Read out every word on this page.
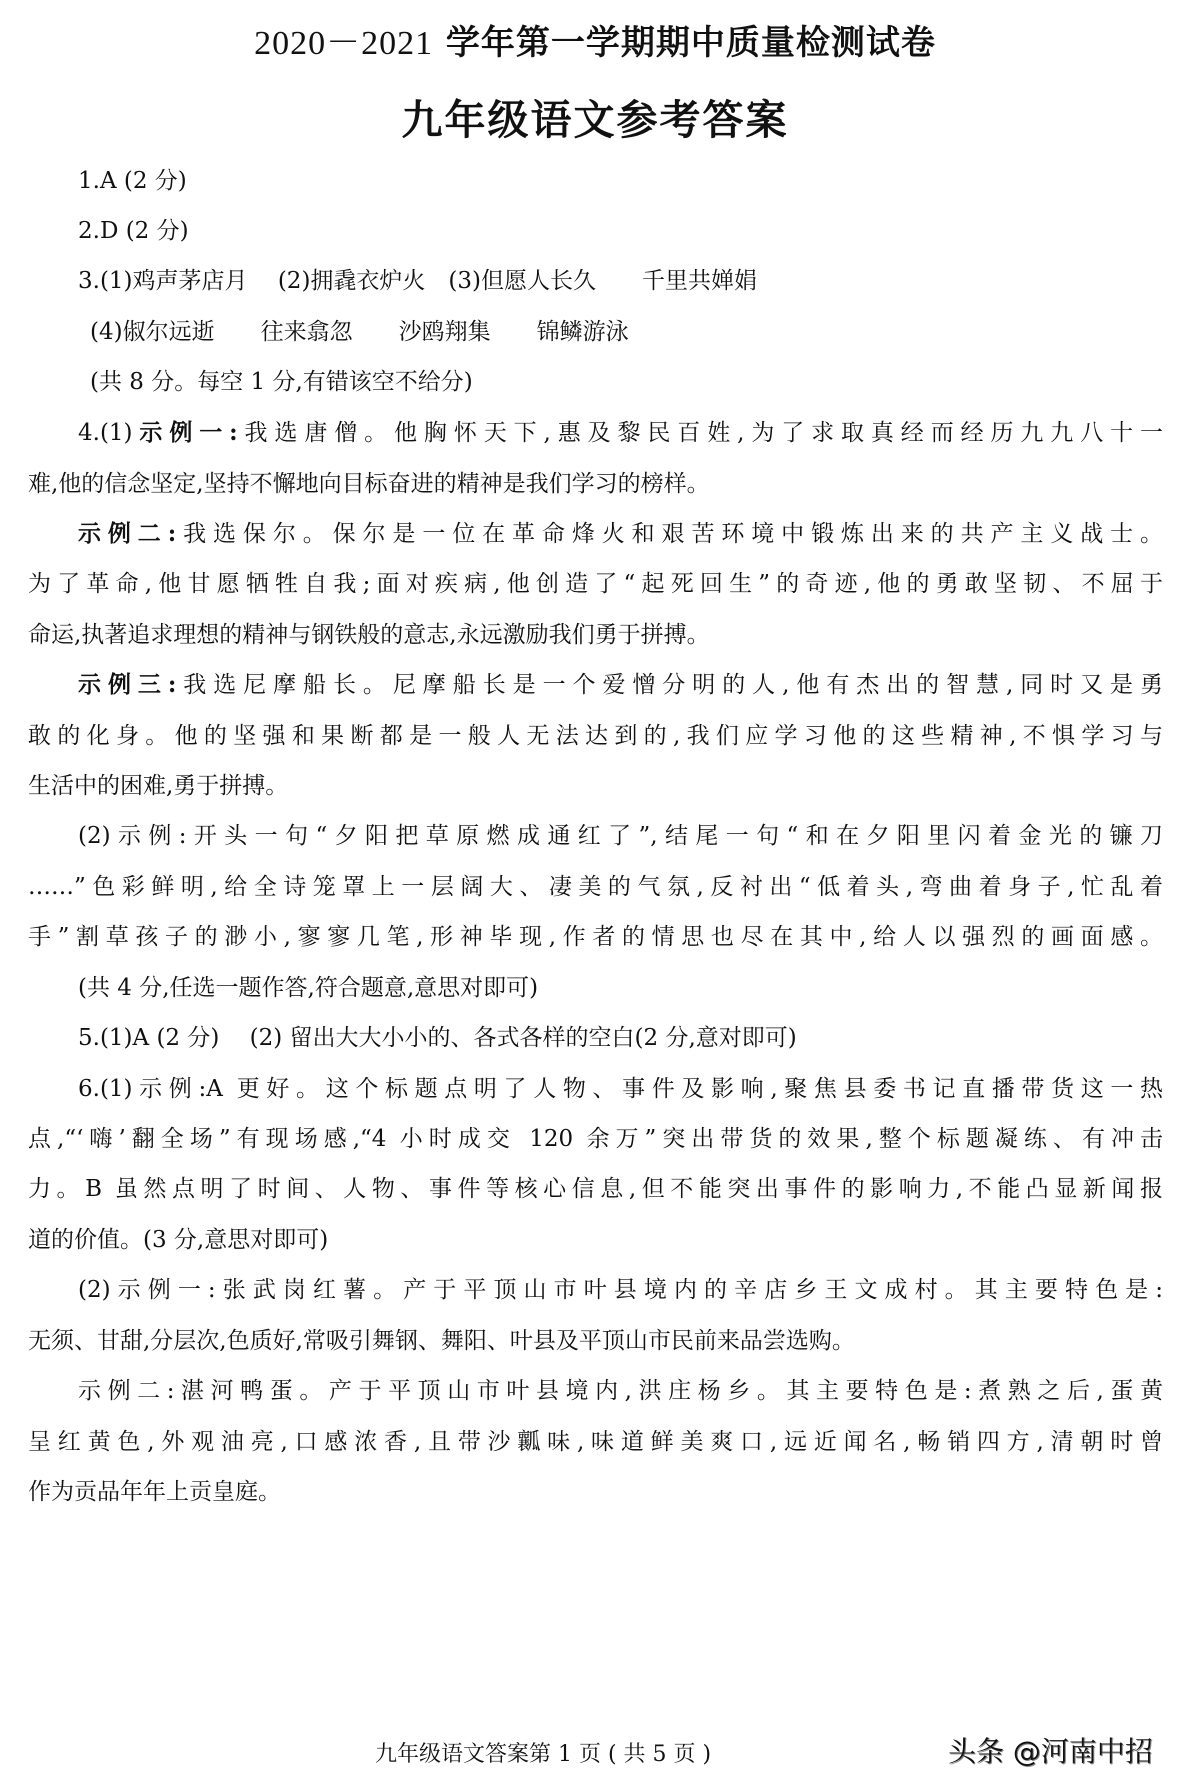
2020－2021 学年第一学期期中质量检测试卷
九年级语文参考答案
1.A (2 分)
2.D (2 分)
3.(1)鸡声茅店月　 (2)拥毳衣炉火　(3)但愿人长久　　千里共婵娟
(4)俶尔远逝　　往来翕忽　　沙鸥翔集　　锦鳞游泳
(共 8 分。每空 1 分,有错该空不给分)
4.(1)示例一:我选唐僧。他胸怀天下,惠及黎民百姓,为了求取真经而经历九九八十一
难,他的信念坚定,坚持不懈地向目标奋进的精神是我们学习的榜样。
示例二:我选保尔。保尔是一位在革命烽火和艰苦环境中锻炼出来的共产主义战士。
为了革命,他甘愿牺牲自我;面对疾病,他创造了“起死回生”的奇迹,他的勇敢坚韧、不屈于
命运,执著追求理想的精神与钢铁般的意志,永远激励我们勇于拼搏。
示例三:我选尼摩船长。尼摩船长是一个爱憎分明的人,他有杰出的智慧,同时又是勇
敢的化身。他的坚强和果断都是一般人无法达到的,我们应学习他的这些精神,不惧学习与
生活中的困难,勇于拼搏。
(2)示例:开头一句“夕阳把草原燃成通红了”,结尾一句“和在夕阳里闪着金光的镰刀
……”色彩鲜明,给全诗笼罩上一层阔大、凄美的气氛,反衬出“低着头,弯曲着身子,忙乱着
手”割草孩子的渺小,寥寥几笔,形神毕现,作者的情思也尽在其中,给人以强烈的画面感。
(共 4 分,任选一题作答,符合题意,意思对即可)
5.(1)A (2 分)　 (2) 留出大大小小的、各式各样的空白(2 分,意对即可)
6.(1)示例:A 更好。这个标题点明了人物、事件及影响,聚焦县委书记直播带货这一热
点,“‘嗨’翻全场”有现场感,“4 小时成交 120 余万”突出带货的效果,整个标题凝练、有冲击
力。B 虽然点明了时间、人物、事件等核心信息,但不能突出事件的影响力,不能凸显新闻报
道的价值。(3 分,意思对即可)
(2)示例一:张武岗红薯。产于平顶山市叶县境内的辛店乡王文成村。其主要特色是:
无须、甘甜,分层次,色质好,常吸引舞钢、舞阳、叶县及平顶山市民前来品尝选购。
示例二:湛河鸭蛋。产于平顶山市叶县境内,洪庄杨乡。其主要特色是:煮熟之后,蛋黄
呈红黄色,外观油亮,口感浓香,且带沙瓤味,味道鲜美爽口,远近闻名,畅销四方,清朝时曾
作为贡品年年上贡皇庭。
九年级语文答案第 1 页 ( 共 5 页 )	头条 @河南中招
